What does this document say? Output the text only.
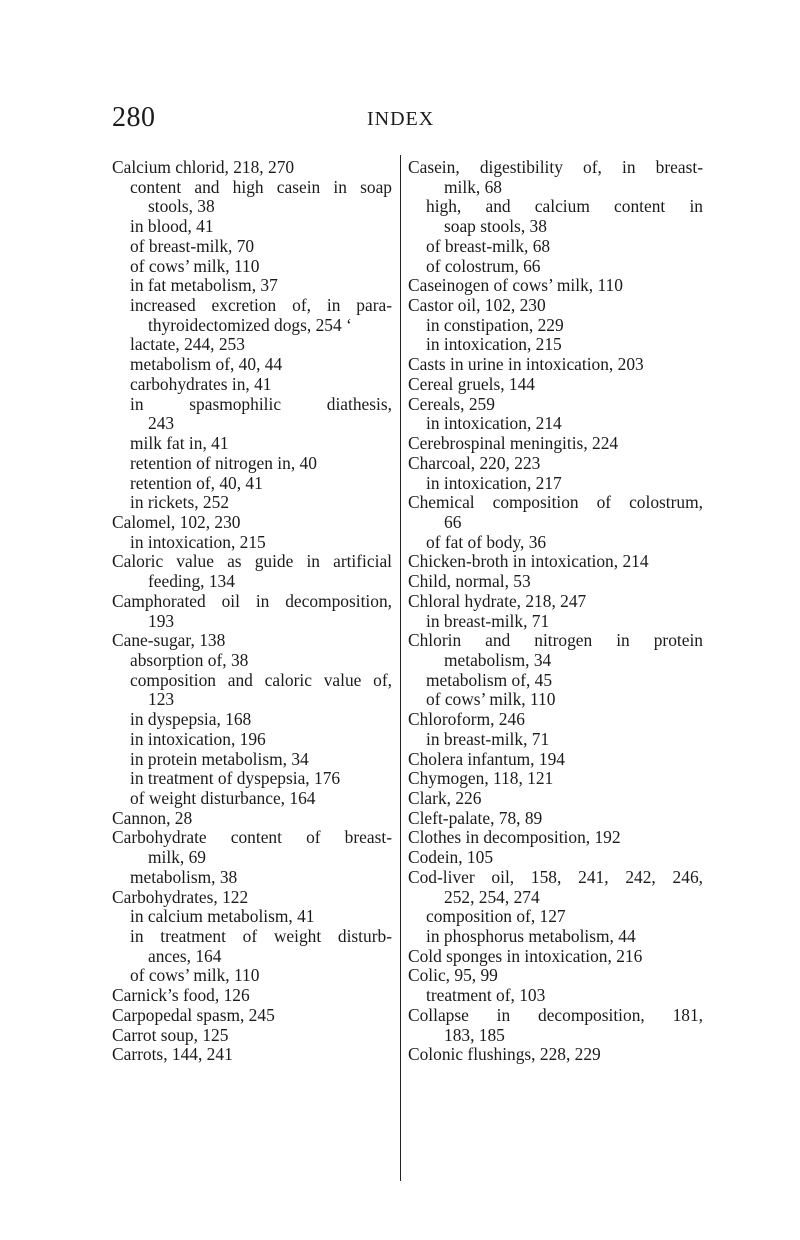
280	INDEX
Calcium chlorid, 218, 270
content and high casein in soap
stools, 38
in blood, 41
of breast-milk, 70
of cows’ milk, 110
in fat metabolism, 37
increased excretion of, in para-
thyroidectomized dogs, 254 ‘
lactate, 244, 253
metabolism of, 40, 44
carbohydrates in, 41
in spasmophilic diathesis,
243
milk fat in, 41
retention of nitrogen in, 40
retention of, 40, 41
in rickets, 252
Calomel, 102, 230
in intoxication, 215
Caloric value as guide in artificial
feeding, 134
Camphorated oil in decomposition,
193
Cane-sugar, 138
absorption of, 38
composition and caloric value of,
123
in dyspepsia, 168
in intoxication, 196
in protein metabolism, 34
in treatment of dyspepsia, 176
of weight disturbance, 164
Cannon, 28
Carbohydrate content of breast-
milk, 69
metabolism, 38
Carbohydrates, 122
in calcium metabolism, 41
in treatment of weight disturb-
ances, 164
of cows’ milk, 110
Carnick’s food, 126
Carpopedal spasm, 245
Carrot soup, 125
Carrots, 144, 241
Casein, digestibility of, in breast-
milk, 68
high, and calcium content in
soap stools, 38
of breast-milk, 68
of colostrum, 66
Caseinogen of cows’ milk, 110
Castor oil, 102, 230
in constipation, 229
in intoxication, 215
Casts in urine in intoxication, 203
Cereal gruels, 144
Cereals, 259
in intoxication, 214
Cerebrospinal meningitis, 224
Charcoal, 220, 223
in intoxication, 217
Chemical composition of colostrum,
66
of fat of body, 36
Chicken-broth in intoxication, 214
Child, normal, 53
Chloral hydrate, 218, 247
in breast-milk, 71
Chlorin and nitrogen in protein
metabolism, 34
metabolism of, 45
of cows’ milk, 110
Chloroform, 246
in breast-milk, 71
Cholera infantum, 194
Chymogen, 118, 121
Clark, 226
Cleft-palate, 78, 89
Clothes in decomposition, 192
Codein, 105
Cod-liver oil, 158, 241, 242, 246,
252, 254, 274
composition of, 127
in phosphorus metabolism, 44
Cold sponges in intoxication, 216
Colic, 95, 99
treatment of, 103
Collapse in decomposition, 181,
183, 185
Colonic flushings, 228, 229
